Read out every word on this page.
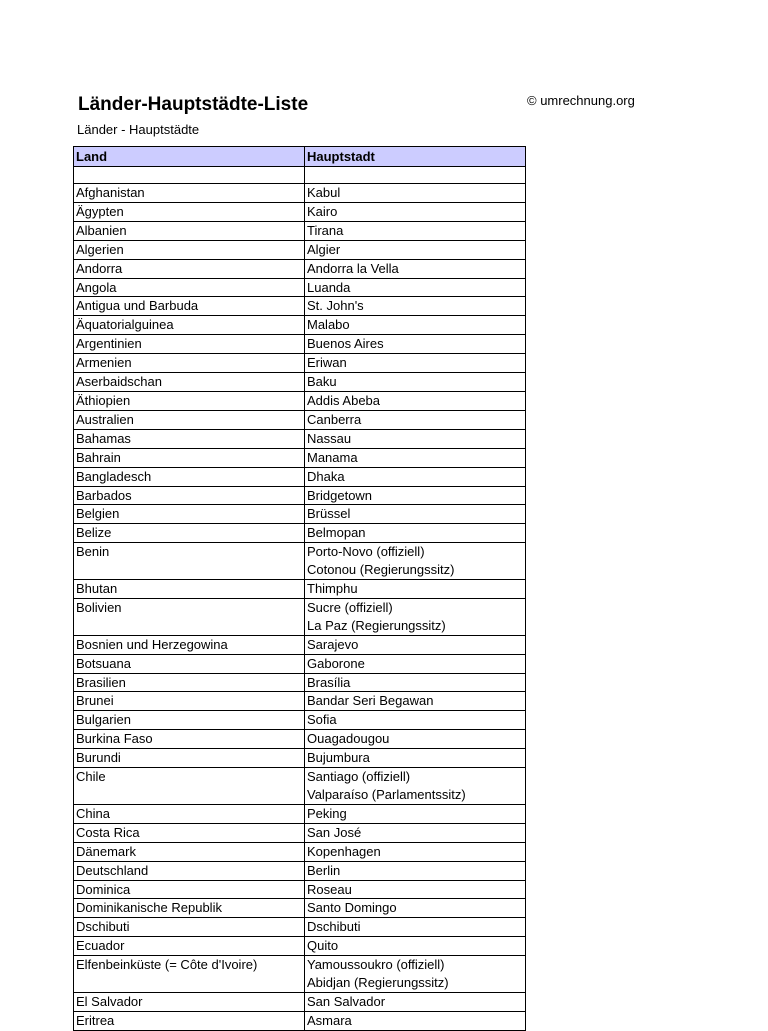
Länder-Hauptstädte-Liste	© umrechnung.org
Länder - Hauptstädte
Land	Hauptstadt

Afghanistan	Kabul

Ägypten	Kairo

Albanien	Tirana

Algerien	Algier

Andorra	Andorra la Vella

Angola	Luanda

Antigua und Barbuda	St. John's

Äquatorialguinea	Malabo

Argentinien	Buenos Aires

Armenien	Eriwan

Aserbaidschan	Baku

Äthiopien	Addis Abeba

Australien	Canberra

Bahamas	Nassau

Bahrain	Manama

Bangladesch	Dhaka

Barbados	Bridgetown

Belgien	Brüssel

Belize	Belmopan

Benin	Porto-Novo (offiziell)
Cotonou (Regierungssitz)

Bhutan	Thimphu

Bolivien	Sucre (offiziell)
La Paz (Regierungssitz)

Bosnien und Herzegowina	Sarajevo

Botsuana	Gaborone

Brasilien	Brasília

Brunei	Bandar Seri Begawan

Bulgarien	Sofia

Burkina Faso	Ouagadougou

Burundi	Bujumbura

Chile	Santiago (offiziell)
Valparaíso (Parlamentssitz)

China	Peking

Costa Rica	San José

Dänemark	Kopenhagen

Deutschland	Berlin

Dominica	Roseau

Dominikanische Republik	Santo Domingo

Dschibuti	Dschibuti

Ecuador	Quito

Elfenbeinküste (= Côte d'Ivoire)	Yamoussoukro (offiziell)
Abidjan (Regierungssitz)

El Salvador	San Salvador

Eritrea	Asmara
